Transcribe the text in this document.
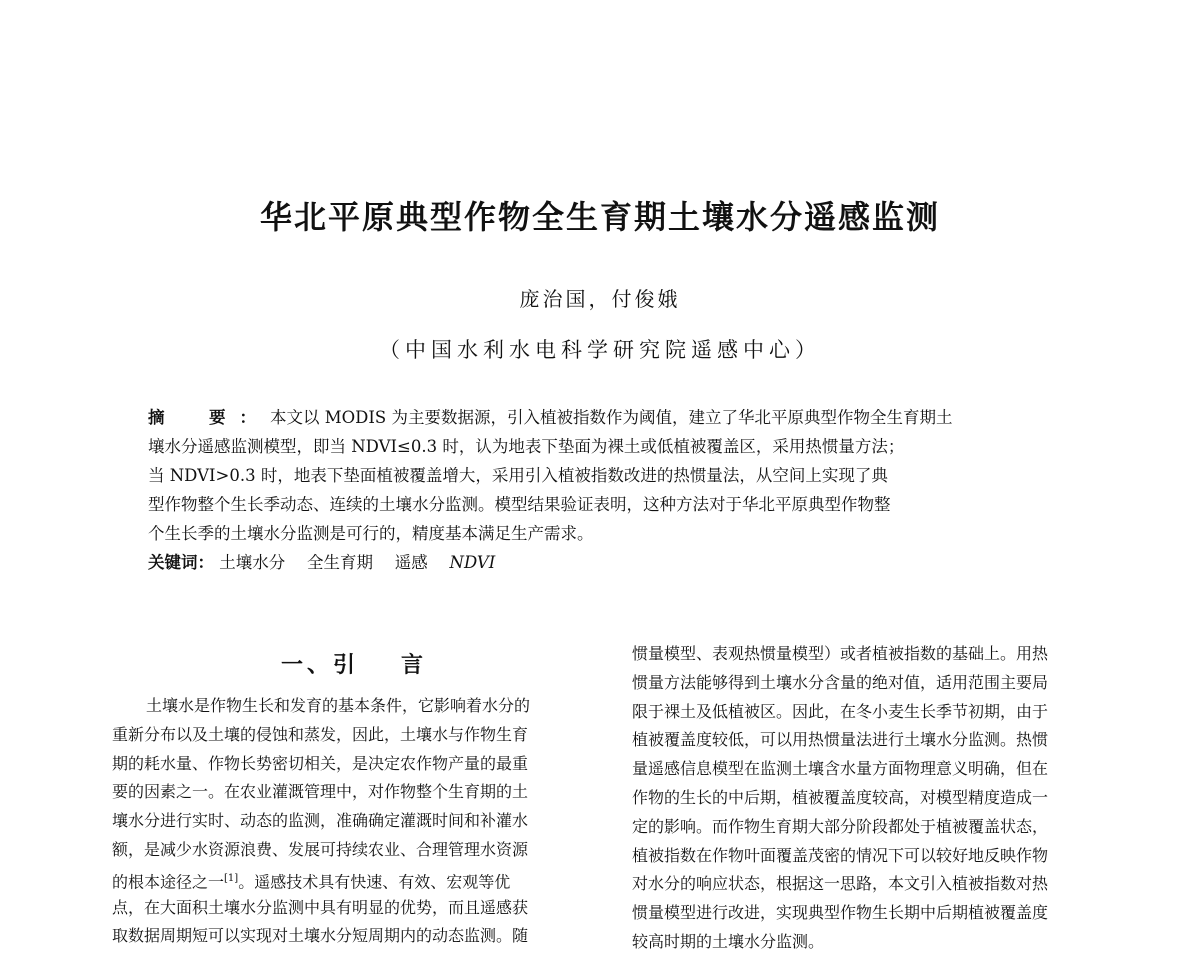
华北平原典型作物全生育期土壤水分遥感监测
庞治国，付俊娥
（中国水利水电科学研究院遥感中心）
摘　要：本文以 MODIS 为主要数据源，引入植被指数作为阈值，建立了华北平原典型作物全生育期土
壤水分遥感监测模型，即当 NDVI≤0.3 时，认为地表下垫面为裸土或低植被覆盖区，采用热惯量方法；
当 NDVI>0.3 时，地表下垫面植被覆盖增大，采用引入植被指数改进的热惯量法，从空间上实现了典
型作物整个生长季动态、连续的土壤水分监测。模型结果验证表明，这种方法对于华北平原典型作物整
个生长季的土壤水分监测是可行的，精度基本满足生产需求。
关键词： 土壤水分  全生育期  遥感  NDVI
一、引 言
土壤水是作物生长和发育的基本条件，它影响着水分的
重新分布以及土壤的侵蚀和蒸发，因此，土壤水与作物生育
期的耗水量、作物长势密切相关，是决定农作物产量的最重
要的因素之一。在农业灌溉管理中，对作物整个生育期的土
壤水分进行实时、动态的监测，准确确定灌溉时间和补灌水
额，是减少水资源浪费、发展可持续农业、合理管理水资源
的根本途径之一[1]。遥感技术具有快速、有效、宏观等优
点，在大面积土壤水分监测中具有明显的优势，而且遥感获
取数据周期短可以实现对土壤水分短周期内的动态监测。随
惯量模型、表观热惯量模型）或者植被指数的基础上。用热
惯量方法能够得到土壤水分含量的绝对值，适用范围主要局
限于裸土及低植被区。因此，在冬小麦生长季节初期，由于
植被覆盖度较低，可以用热惯量法进行土壤水分监测。热惯
量遥感信息模型在监测土壤含水量方面物理意义明确，但在
作物的生长的中后期，植被覆盖度较高，对模型精度造成一
定的影响。而作物生育期大部分阶段都处于植被覆盖状态，
植被指数在作物叶面覆盖茂密的情况下可以较好地反映作物
对水分的响应状态，根据这一思路，本文引入植被指数对热
惯量模型进行改进，实现典型作物生长期中后期植被覆盖度
较高时期的土壤水分监测。
